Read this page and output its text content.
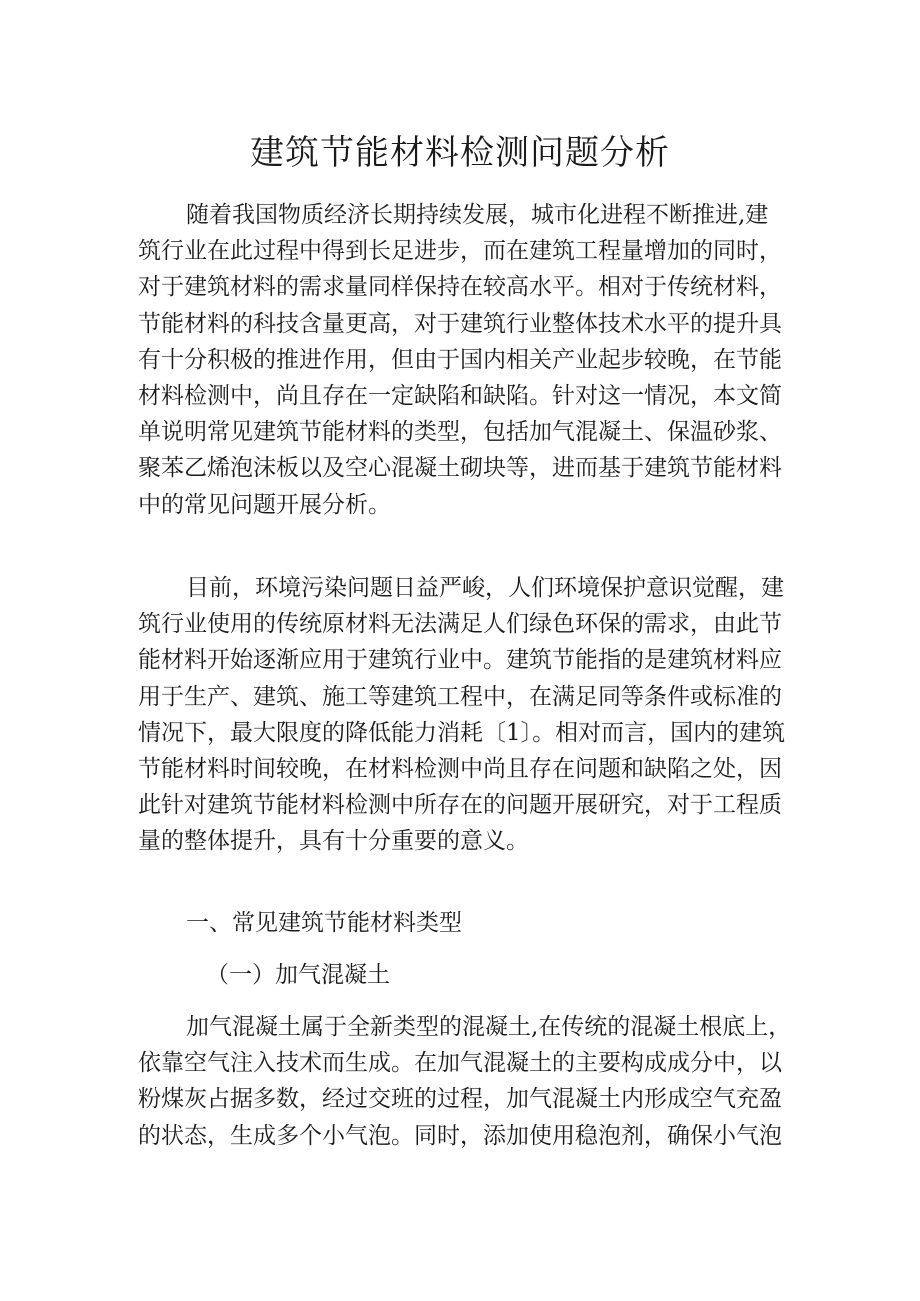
建筑节能材料检测问题分析
随着我国物质经济长期持续发展，城市化进程不断推进,建
筑行业在此过程中得到长足进步，而在建筑工程量增加的同时，
对于建筑材料的需求量同样保持在较高水平。相对于传统材料，
节能材料的科技含量更高，对于建筑行业整体技术水平的提升具
有十分积极的推进作用，但由于国内相关产业起步较晚，在节能
材料检测中，尚且存在一定缺陷和缺陷。针对这一情况，本文简
单说明常见建筑节能材料的类型，包括加气混凝土、保温砂浆、
聚苯乙烯泡沫板以及空心混凝土砌块等，进而基于建筑节能材料
中的常见问题开展分析。
目前，环境污染问题日益严峻，人们环境保护意识觉醒，建
筑行业使用的传统原材料无法满足人们绿色环保的需求，由此节
能材料开始逐渐应用于建筑行业中。建筑节能指的是建筑材料应
用于生产、建筑、施工等建筑工程中，在满足同等条件或标准的
情况下，最大限度的降低能力消耗〔1〕。相对而言，国内的建筑
节能材料时间较晚，在材料检测中尚且存在问题和缺陷之处，因
此针对建筑节能材料检测中所存在的问题开展研究，对于工程质
量的整体提升，具有十分重要的意义。
一、常见建筑节能材料类型
（一）加气混凝土
加气混凝土属于全新类型的混凝土,在传统的混凝土根底上，
依靠空气注入技术而生成。在加气混凝土的主要构成成分中，以
粉煤灰占据多数，经过交班的过程，加气混凝土内形成空气充盈
的状态，生成多个小气泡。同时，添加使用稳泡剂，确保小气泡
